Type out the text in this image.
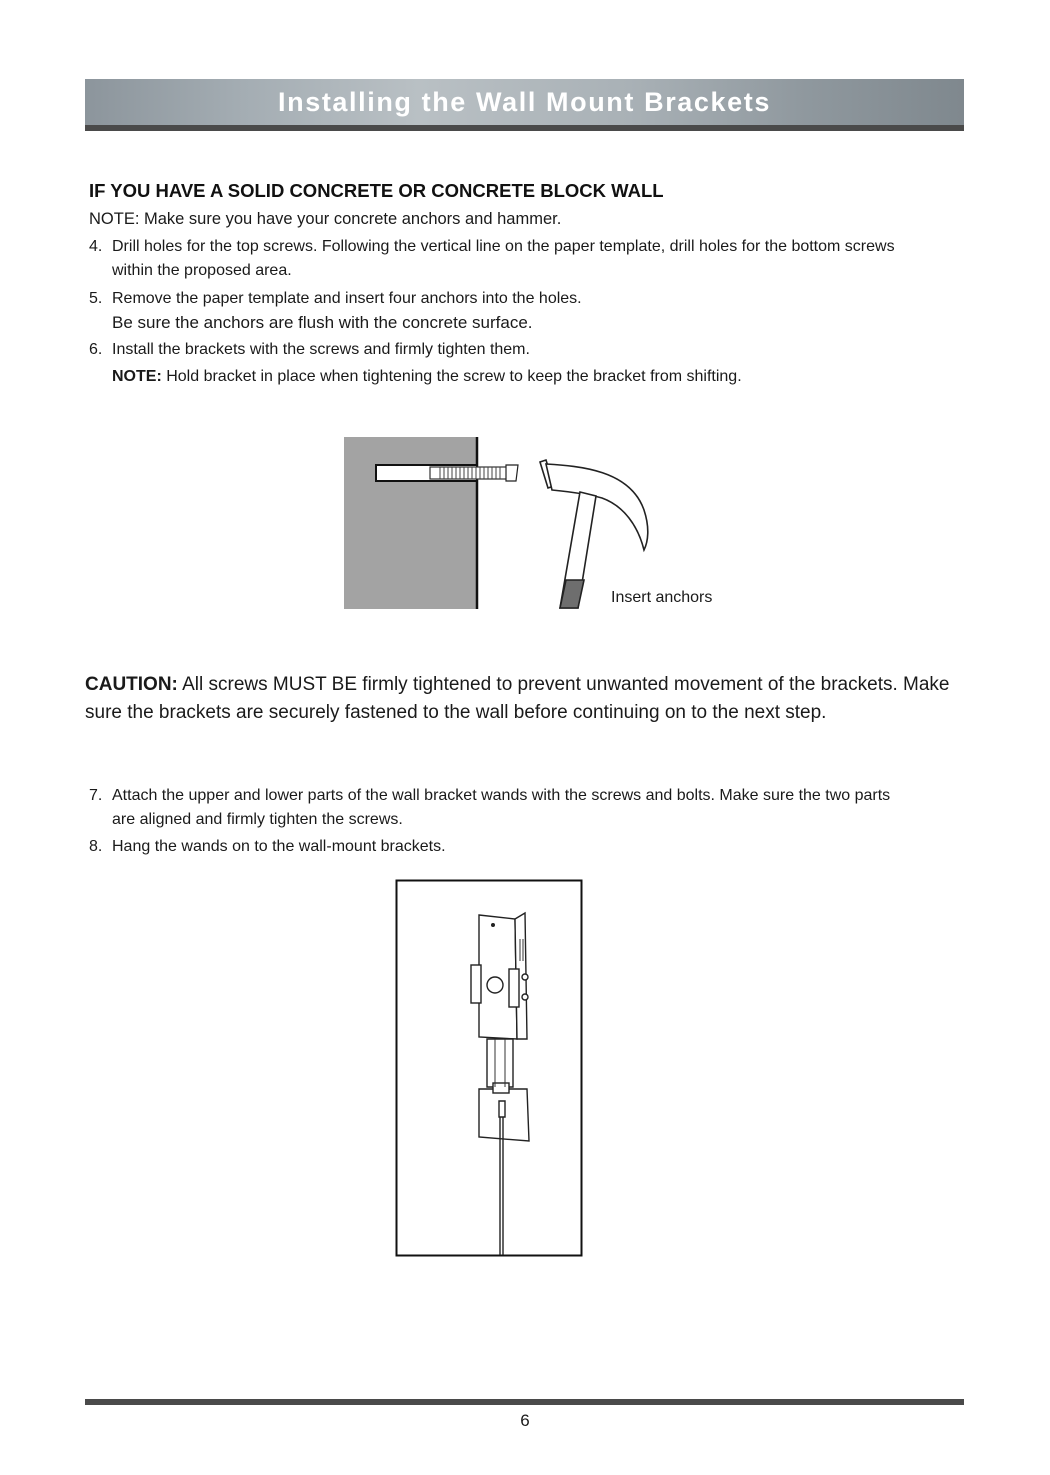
Installing the Wall Mount Brackets
IF YOU HAVE A SOLID CONCRETE OR CONCRETE BLOCK WALL
NOTE: Make sure you have your concrete anchors and hammer.
4. Drill holes for the top screws. Following the vertical line on the paper template, drill holes for the bottom screws
within the proposed area.
5. Remove the paper template and insert four anchors into the holes.
Be sure the anchors are flush with the concrete surface.
6. Install the brackets with the screws and firmly tighten them.
NOTE: Hold bracket in place when tightening the screw to keep the bracket from shifting.
Insert anchors
CAUTION: All screws MUST BE firmly tightened to prevent unwanted movement of the brackets. Make sure the brackets are securely fastened to the wall before continuing on to the next step.
7. Attach the upper and lower parts of the wall bracket wands with the screws and bolts. Make sure the two parts
are aligned and firmly tighten the screws.
8. Hang the wands on to the wall-mount brackets.
6
